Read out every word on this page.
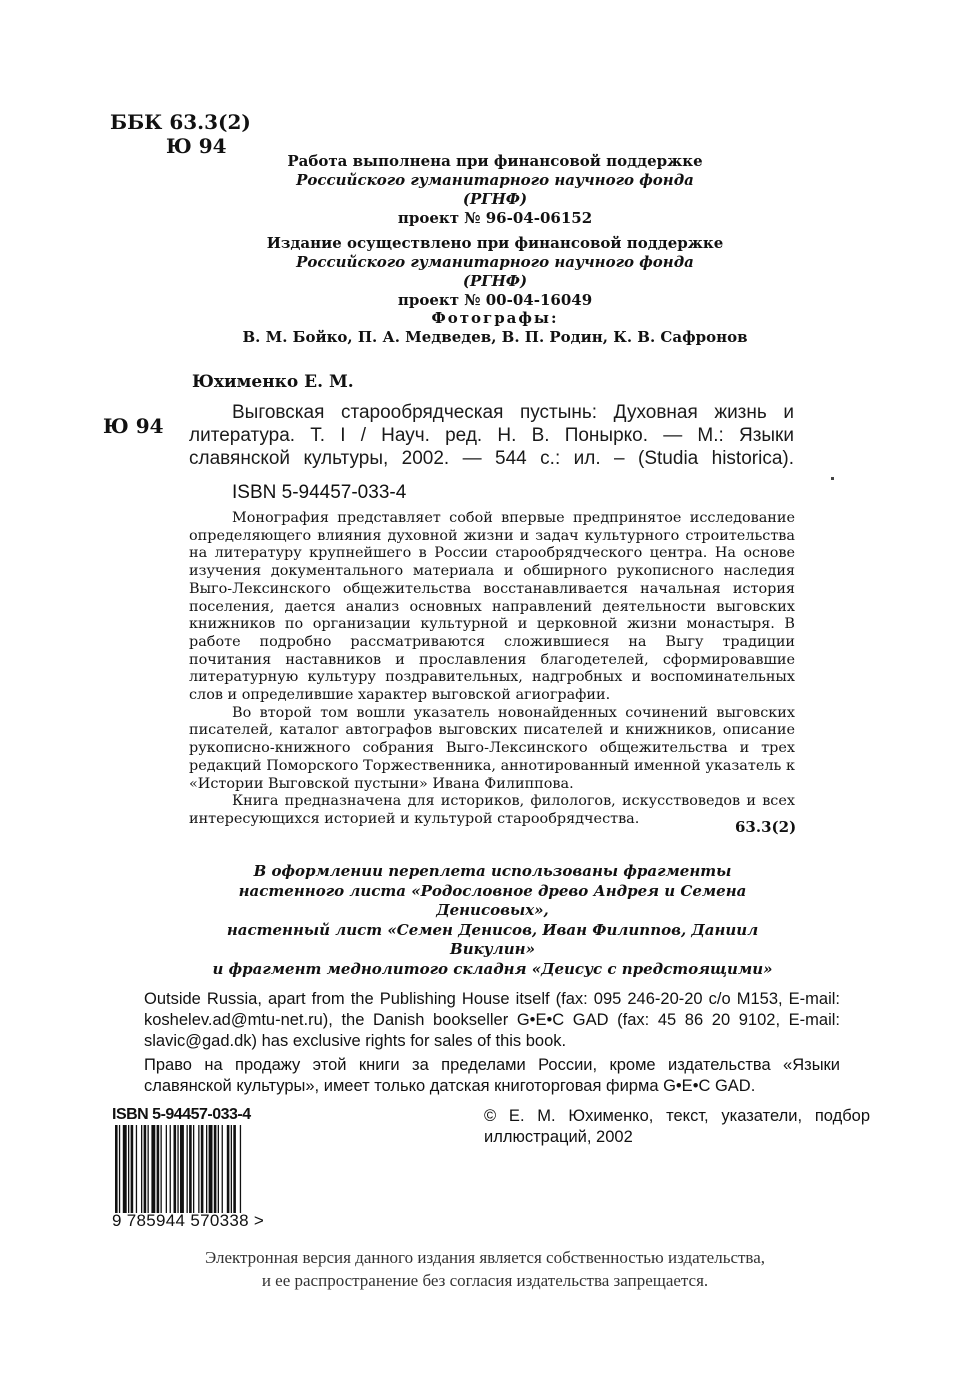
ББК 63.3(2)
Ю 94
Работа выполнена при финансовой поддержке
Российского гуманитарного научного фонда
(РГНФ)
проект № 96-04-06152
Издание осуществлено при финансовой поддержке
Российского гуманитарного научного фонда
(РГНФ)
проект № 00-04-16049
Фотографы:
В. М. Бойко, П. А. Медведев, В. П. Родин, К. В. Сафронов
Юхименко Е. М.
Ю 94
Выговская старообрядческая пустынь: Духовная жизнь и
литература. Т. I / Науч. ред. Н. В. Понырко. — М.: Языки
славянской культуры, 2002. — 544 с.: ил. – (Studia historica).
ISBN 5-94457-033-4

Монография представляет собой впервые предпринятое исследование определяющего влияния духовной жизни и задач культурного строительства на литературу крупнейшего в России старообрядческого центра. На основе изучения документального материала и обширного рукописного наследия Выго-Лексинского общежительства восстанавливается начальная история поселения, дается анализ основных направлений деятельности выговских книжников по организации культурной и церковной жизни монастыря. В работе подробно рассматриваются сложившиеся на Выгу традиции почитания наставников и прославления благодетелей, сформировавшие литературную культуру поздравительных, надгробных и воспоминательных слов и определившие характер выговской агиографии.

Во второй том вошли указатель новонайденных сочинений выговских писателей, каталог автографов выговских писателей и книжников, описание рукописно-книжного собрания Выго-Лексинского общежительства и трех редакций Поморского Торжественника, аннотированный именной указатель к «Истории Выговской пустыни» Ивана Филиппова.

Книга предназначена для историков, филологов, искусствоведов и всех интересующихся историей и культурой старообрядчества.	63.3(2)
В оформлении переплета использованы фрагменты
настенного листа «Родословное древо Андрея и Семена Денисовых»,
настенный лист «Семен Денисов, Иван Филиппов, Даниил Викулин»
и фрагмент меднолитого складня «Деисус с предстоящими»

Outside Russia, apart from the Publishing House itself (fax: 095 246-20-20 c/o M153, E-mail: koshelev.ad@mtu-net.ru), the Danish bookseller G•E•C GAD (fax: 45 86 20 9102, E-mail: slavic@gad.dk) has exclusive rights for sales of this book.

Право на продажу этой книги за пределами России, кроме издательства «Языки славянской культуры», имеет только датская книготорговая фирма G•E•C GAD.

ISBN 5-94457-033-4
9 785944 570338 >
© Е. М. Юхименко, текст, указатели, подбор
иллюстраций, 2002
Электронная версия данного издания является собственностью издательства,
и ее распространение без согласия издательства запрещается.
